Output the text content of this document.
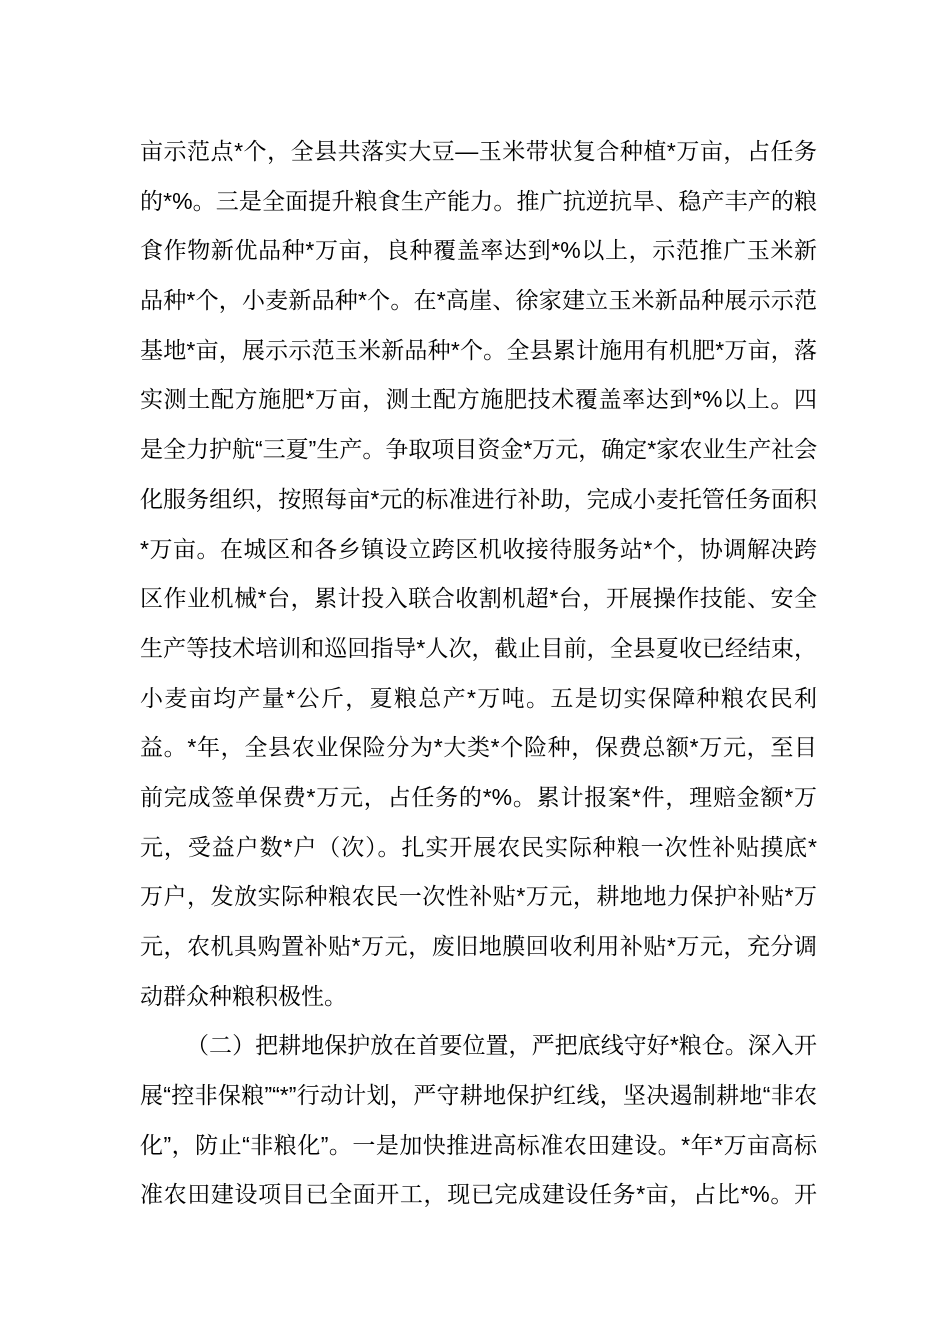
亩示范点*个，全县共落实大豆—玉米带状复合种植*万亩，占任务
的*%。三是全面提升粮食生产能力。推广抗逆抗旱、稳产丰产的粮
食作物新优品种*万亩，良种覆盖率达到*%以上，示范推广玉米新
品种*个，小麦新品种*个。在*高崖、徐家建立玉米新品种展示示范
基地*亩，展示示范玉米新品种*个。全县累计施用有机肥*万亩，落
实测土配方施肥*万亩，测土配方施肥技术覆盖率达到*%以上。四
是全力护航“三夏”生产。争取项目资金*万元，确定*家农业生产社会
化服务组织，按照每亩*元的标准进行补助，完成小麦托管任务面积
*万亩。在城区和各乡镇设立跨区机收接待服务站*个，协调解决跨
区作业机械*台，累计投入联合收割机超*台，开展操作技能、安全
生产等技术培训和巡回指导*人次，截止目前，全县夏收已经结束，
小麦亩均产量*公斤，夏粮总产*万吨。五是切实保障种粮农民利
益。*年，全县农业保险分为*大类*个险种，保费总额*万元，至目
前完成签单保费*万元，占任务的*%。累计报案*件，理赔金额*万
元，受益户数*户（次）。扎实开展农民实际种粮一次性补贴摸底*
万户，发放实际种粮农民一次性补贴*万元，耕地地力保护补贴*万
元，农机具购置补贴*万元，废旧地膜回收利用补贴*万元，充分调
动群众种粮积极性。
（二）把耕地保护放在首要位置，严把底线守好*粮仓。深入开
展“控非保粮”“*”行动计划，严守耕地保护红线，坚决遏制耕地“非农
化”，防止“非粮化”。一是加快推进高标准农田建设。*年*万亩高标
准农田建设项目已全面开工，现已完成建设任务*亩，占比*%。开
